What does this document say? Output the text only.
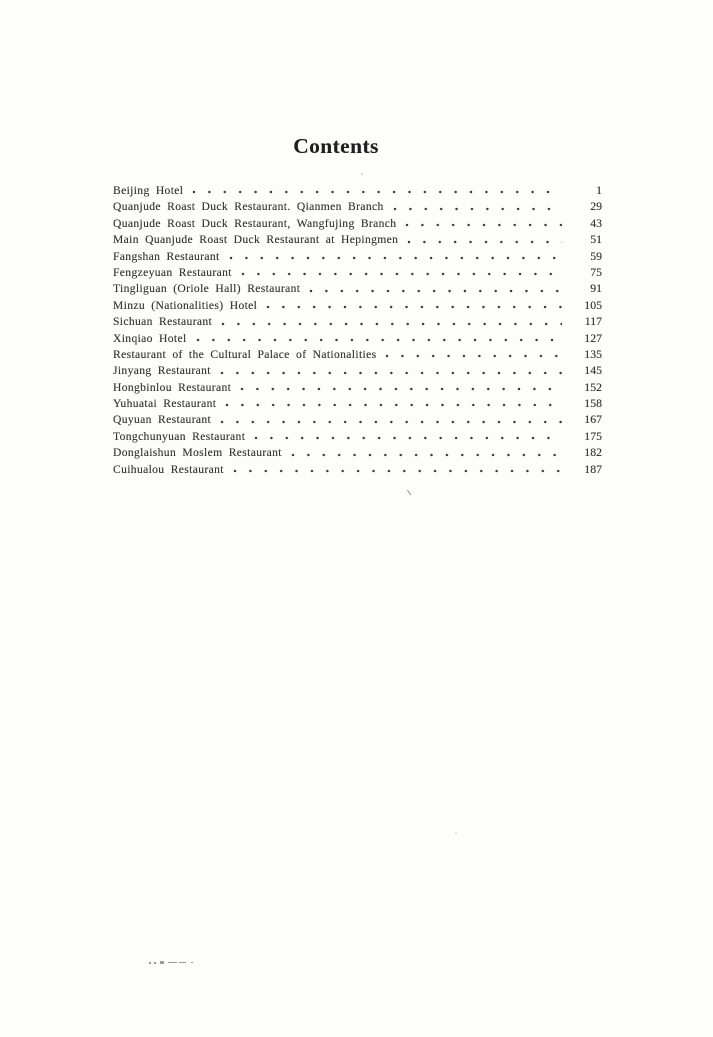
Contents
Beijing Hotel	1
Quanjude Roast Duck Restaurant. Qianmen Branch	29
Quanjude Roast Duck Restaurant, Wangfujing Branch	43
Main Quanjude Roast Duck Restaurant at Hepingmen	51
Fangshan Restaurant	59
Fengzeyuan Restaurant	75
Tingliguan (Oriole Hall) Restaurant	91
Minzu (Nationalities) Hotel	105
Sichuan Restaurant	117
Xinqiao Hotel	127
Restaurant of the Cultural Palace of Nationalities	135
Jinyang Restaurant	145
Hongbinlou Restaurant	152
Yuhuatai Restaurant	158
Quyuan Restaurant	167
Tongchunyuan Restaurant	175
Donglaishun Moslem Restaurant	182
Cuihualou Restaurant	187
